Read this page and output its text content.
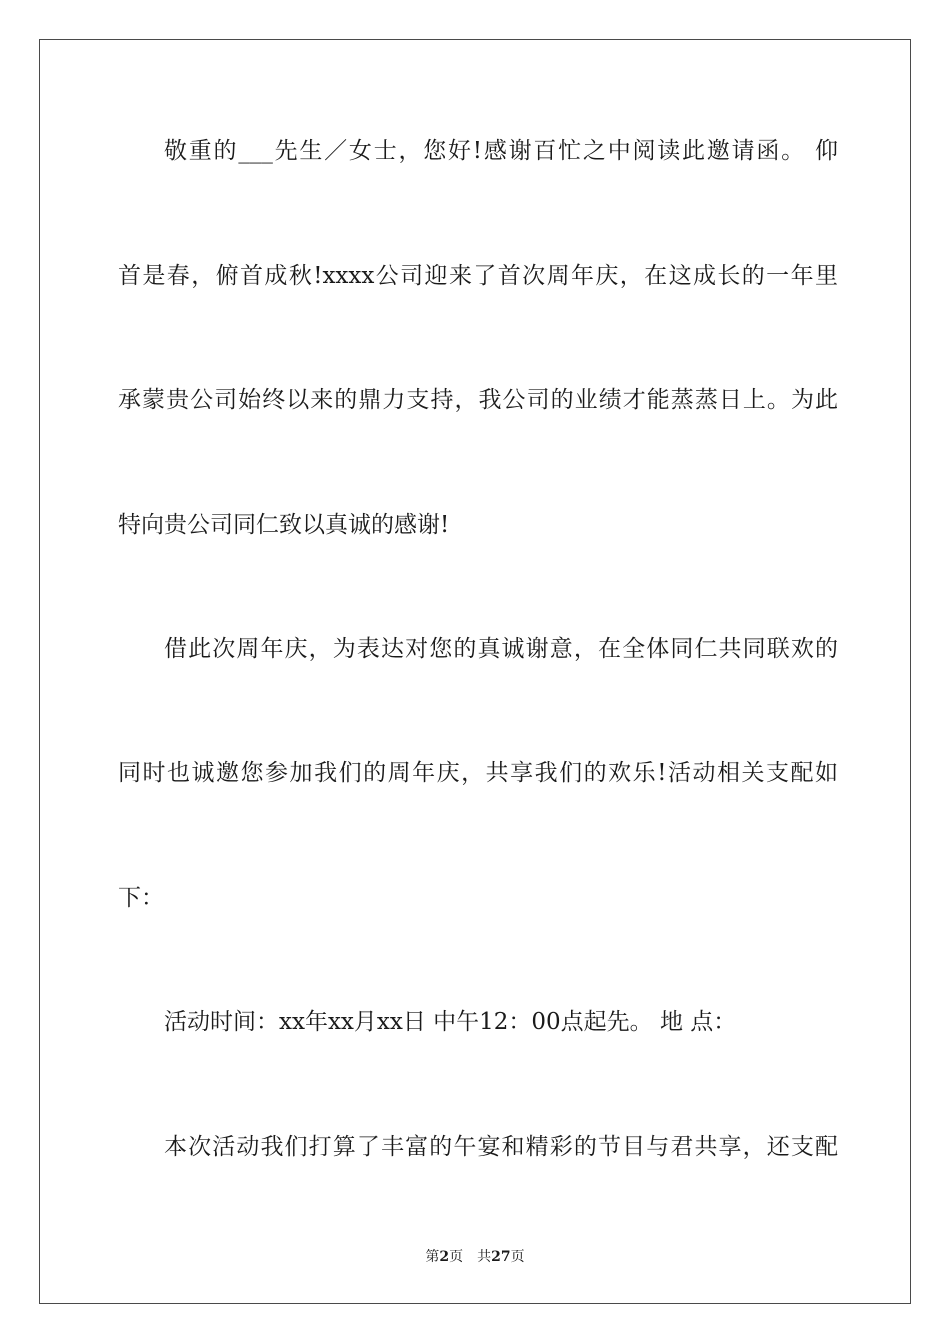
敬重的___先生／女士，您好!感谢百忙之中阅读此邀请函。 仰
首是春，俯首成秋!xxxx公司迎来了首次周年庆，在这成长的一年里
承蒙贵公司始终以来的鼎力支持，我公司的业绩才能蒸蒸日上。为此
特向贵公司同仁致以真诚的感谢!
借此次周年庆，为表达对您的真诚谢意，在全体同仁共同联欢的
同时也诚邀您参加我们的周年庆，共享我们的欢乐!活动相关支配如
下：
活动时间：xx年xx月xx日 中午12：00点起先。 地 点：
本次活动我们打算了丰富的午宴和精彩的节目与君共享，还支配
第2页　共27页
